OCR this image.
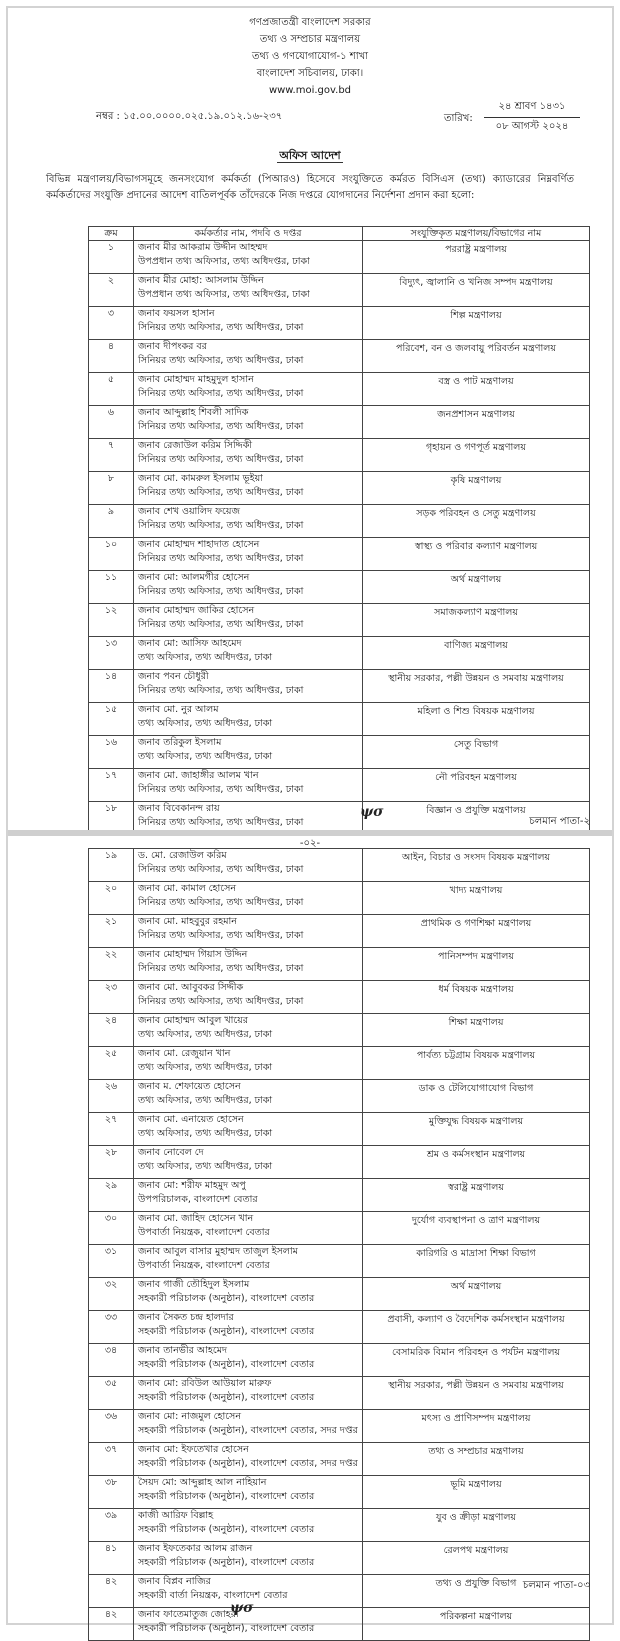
গণপ্রজাতন্ত্রী বাংলাদেশ সরকার
তথ্য ও সম্প্রচার মন্ত্রণালয়
তথ্য ও গণযোগাযোগ-১ শাখা
বাংলাদেশ সচিবালয়, ঢাকা।
www.moi.gov.bd
নম্বর : ১৫.০০.০০০০.০২৫.১৯.০১২.১৬-২৩৭	তারিখ:
২৪ শ্রাবণ ১৪৩১
০৮ আগস্ট ২০২৪
অফিস আদেশ
বিভিন্ন মন্ত্রণালয়/বিভাগসমূহে জনসংযোগ কর্মকর্তা (পিআরও) হিসেবে সংযুক্তিতে কর্মরত বিসিএস (তথ্য) ক্যাডারের নিম্নবর্ণিত কর্মকর্তাদের সংযুক্তি প্রদানের আদেশ বাতিলপূর্বক তাঁদেরকে নিজ দপ্তরে যোগদানের নির্দেশনা প্রদান করা হলো:
ক্রম	কর্মকর্তার নাম, পদবি ও দপ্তর	সংযুক্তিকৃত মন্ত্রণালয়/বিভাগের নাম
১	জনাব মীর আকরাম উদ্দীন আহম্মদ
উপপ্রধান তথ্য অফিসার, তথ্য অধিদপ্তর, ঢাকা	পররাষ্ট্র মন্ত্রণালয়
২	জনাব মীর মোহা: আসলাম উদ্দিন
উপপ্রধান তথ্য অফিসার, তথ্য অধিদপ্তর, ঢাকা	বিদ্যুৎ, জ্বালানি ও খনিজ সম্পদ মন্ত্রণালয়
৩	জনাব ফয়সল হাসান
সিনিয়র তথ্য অফিসার, তথ্য অধিদপ্তর, ঢাকা	শিল্প মন্ত্রণালয়
৪	জনাব দীপংকর বর
সিনিয়র তথ্য অফিসার, তথ্য অধিদপ্তর, ঢাকা	পরিবেশ, বন ও জলবায়ু পরিবর্তন মন্ত্রণালয়
৫	জনাব মোহাম্মদ মাহমুদুল হাসান
সিনিয়র তথ্য অফিসার, তথ্য অধিদপ্তর, ঢাকা	বস্ত্র ও পাট মন্ত্রণালয়
৬	জনাব আব্দুল্লাহ শিবলী সাদিক
সিনিয়র তথ্য অফিসার, তথ্য অধিদপ্তর, ঢাকা	জনপ্রশাসন মন্ত্রণালয়
৭	জনাব রেজাউল করিম সিদ্দিকী
সিনিয়র তথ্য অফিসার, তথ্য অধিদপ্তর, ঢাকা	গৃহায়ন ও গণপূর্ত মন্ত্রণালয়
৮	জনাব মো. কামরুল ইসলাম ভূইয়া
সিনিয়র তথ্য অফিসার, তথ্য অধিদপ্তর, ঢাকা	কৃষি মন্ত্রণালয়
৯	জনাব শেখ ওয়ালিদ ফয়েজ
সিনিয়র তথ্য অফিসার, তথ্য অধিদপ্তর, ঢাকা	সড়ক পরিবহন ও সেতু মন্ত্রণালয়
১০	জনাব মোহাম্মদ শাহাদাত হোসেন
সিনিয়র তথ্য অফিসার, তথ্য অধিদপ্তর, ঢাকা	স্বাস্থ্য ও পরিবার কল্যাণ মন্ত্রণালয়
১১	জনাব মো: আলমগীর হোসেন
সিনিয়র তথ্য অফিসার, তথ্য অধিদপ্তর, ঢাকা	অর্থ মন্ত্রণালয়
১২	জনাব মোহাম্মদ জাকির হোসেন
সিনিয়র তথ্য অফিসার, তথ্য অধিদপ্তর, ঢাকা	সমাজকল্যাণ মন্ত্রণালয়
১৩	জনাব মো: আসিফ আহমেদ
তথ্য অফিসার, তথ্য অধিদপ্তর, ঢাকা	বাণিজ্য মন্ত্রণালয়
১৪	জনাব পবন চৌধুরী
সিনিয়র তথ্য অফিসার, তথ্য অধিদপ্তর, ঢাকা	স্থানীয় সরকার, পল্লী উন্নয়ন ও সমবায় মন্ত্রণালয়
১৫	জনাব মো. নুর আলম
তথ্য অফিসার, তথ্য অধিদপ্তর, ঢাকা	মহিলা ও শিশু বিষয়ক মন্ত্রণালয়
১৬	জনাব তরিকুল ইসলাম
তথ্য অফিসার, তথ্য অধিদপ্তর, ঢাকা	সেতু বিভাগ
১৭	জনাব মো. জাহাঙ্গীর আলম খান
সিনিয়র তথ্য অফিসার, তথ্য অধিদপ্তর, ঢাকা	নৌ পরিবহন মন্ত্রণালয়
১৮	জনাব বিবেকানন্দ রায়
সিনিয়র তথ্য অফিসার, তথ্য অধিদপ্তর, ঢাকা	বিজ্ঞান ও প্রযুক্তি মন্ত্রণালয়
ψσ
চলমান পাতা-২
-০২-
১৯	ড. মো. রেজাউল করিম
সিনিয়র তথ্য অফিসার, তথ্য অধিদপ্তর, ঢাকা	আইন, বিচার ও সংসদ বিষয়ক মন্ত্রণালয়
২০	জনাব মো. কামাল হোসেন
সিনিয়র তথ্য অফিসার, তথ্য অধিদপ্তর, ঢাকা	খাদ্য মন্ত্রণালয়
২১	জনাব মো. মাহবুবুর রহমান
সিনিয়র তথ্য অফিসার, তথ্য অধিদপ্তর, ঢাকা	প্রাথমিক ও গণশিক্ষা মন্ত্রণালয়
২২	জনাব মোহাম্মদ গিয়াস উদ্দিন
সিনিয়র তথ্য অফিসার, তথ্য অধিদপ্তর, ঢাকা	পানিসম্পদ মন্ত্রণালয়
২৩	জনাব মো. আবুবকর সিদ্দীক
সিনিয়র তথ্য অফিসার, তথ্য অধিদপ্তর, ঢাকা	ধর্ম বিষয়ক মন্ত্রণালয়
২৪	জনাব মোহাম্মদ আবুল খায়ের
তথ্য অফিসার, তথ্য অধিদপ্তর, ঢাকা	শিক্ষা মন্ত্রণালয়
২৫	জনাব মো. রেজুয়ান খান
তথ্য অফিসার, তথ্য অধিদপ্তর, ঢাকা	পার্বত্য চট্টগ্রাম বিষয়ক মন্ত্রণালয়
২৬	জনাব ম. শেফায়েত হোসেন
তথ্য অফিসার, তথ্য অধিদপ্তর, ঢাকা	ডাক ও টেলিযোগাযোগ বিভাগ
২৭	জনাব মো. এনায়েত হোসেন
তথ্য অফিসার, তথ্য অধিদপ্তর, ঢাকা	মুক্তিযুদ্ধ বিষয়ক মন্ত্রণালয়
২৮	জনাব নোবেল দে
তথ্য অফিসার, তথ্য অধিদপ্তর, ঢাকা	শ্রম ও কর্মসংস্থান মন্ত্রণালয়
২৯	জনাব মো: শরীফ মাহমুদ অপু
উপপরিচালক, বাংলাদেশ বেতার	স্বরাষ্ট্র মন্ত্রণালয়
৩০	জনাব মো. জাহিদ হোসেন খান
উপবার্তা নিয়ন্ত্রক, বাংলাদেশ বেতার	দুর্যোগ ব্যবস্থাপনা ও ত্রাণ মন্ত্রণালয়
৩১	জনাব আবুল বাসার মুহাম্মদ তাজুল ইসলাম
উপবার্তা নিয়ন্ত্রক, বাংলাদেশ বেতার	কারিগরি ও মাদ্রাসা শিক্ষা বিভাগ
৩২	জনাব গাজী তৌহিদুল ইসলাম
সহকারী পরিচালক (অনুষ্ঠান), বাংলাদেশ বেতার	অর্থ মন্ত্রণালয়
৩৩	জনাব সৈকত চন্দ্র হালদার
সহকারী পরিচালক (অনুষ্ঠান), বাংলাদেশ বেতার	প্রবাসী, কল্যাণ ও বৈদেশিক কর্মসংস্থান মন্ত্রণালয়
৩৪	জনাব তানভীর আহমেদ
সহকারী পরিচালক (অনুষ্ঠান), বাংলাদেশ বেতার	বেসামরিক বিমান পরিবহন ও পর্যটন মন্ত্রণালয়
৩৫	জনাব মো: রবিউল আউয়াল মারুফ
সহকারী পরিচালক (অনুষ্ঠান), বাংলাদেশ বেতার	স্থানীয় সরকার, পল্লী উন্নয়ন ও সমবায় মন্ত্রণালয়
৩৬	জনাব মো: নাজমুল হোসেন
সহকারী পরিচালক (অনুষ্ঠান), বাংলাদেশ বেতার, সদর দপ্তর	মৎস্য ও প্রাণিসম্পদ মন্ত্রণালয়
৩৭	জনাব মো: ইফতেখার হোসেন
সহকারী পরিচালক (অনুষ্ঠান), বাংলাদেশ বেতার, সদর দপ্তর	তথ্য ও সম্প্রচার মন্ত্রণালয়
৩৮	সৈয়দ মো: আব্দুল্লাহ আল নাহিয়ান
সহকারী পরিচালক (অনুষ্ঠান), বাংলাদেশ বেতার	ভূমি মন্ত্রণালয়
৩৯	কাজী আরিফ বিল্লাহ
সহকারী পরিচালক (অনুষ্ঠান), বাংলাদেশ বেতার	যুব ও ক্রীড়া মন্ত্রণালয়
৪১	জনাব ইফতেকার আলম রাজন
সহকারী পরিচালক (অনুষ্ঠান), বাংলাদেশ বেতার	রেলপথ মন্ত্রণালয়
৪২	জনাব বিপ্লব নাজির
সহকারী বার্তা নিয়ন্ত্রক, বাংলাদেশ বেতার	তথ্য ও প্রযুক্তি বিভাগ
৪২	জনাব ফাতেমাতুজ জোহরা
সহকারী পরিচালক (অনুষ্ঠান), বাংলাদেশ বেতার	পরিকল্পনা মন্ত্রণালয়
চলমান পাতা-০৩
ψσ
